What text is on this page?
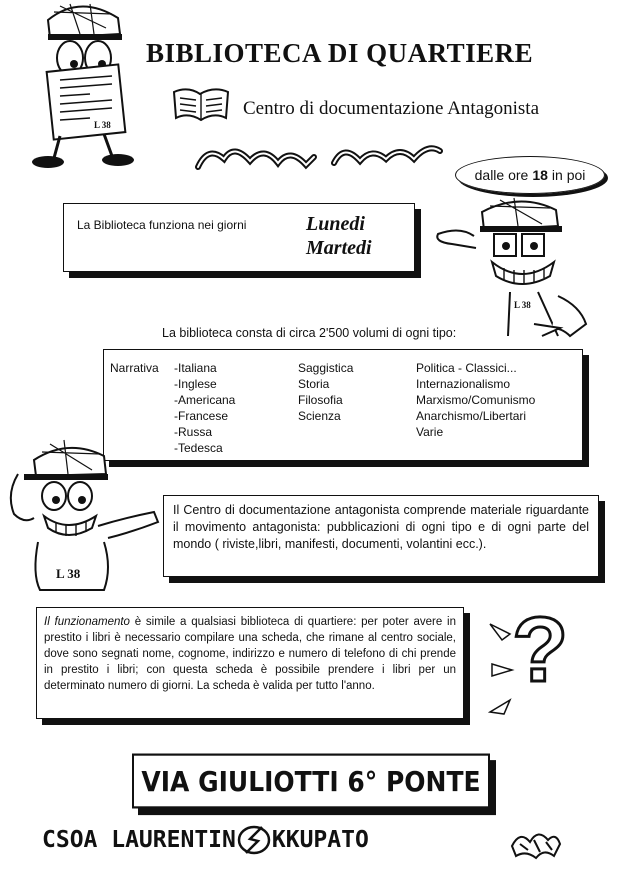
L 38
BIBLIOTECA DI QUARTIERE
Centro di documentazione Antagonista
dalle ore 18 in poi
La Biblioteca funziona nei giorni	Lunedi
Martedi
L 38
La biblioteca consta di circa 2'500 volumi di ogni tipo:
Narrativa -Italiana
-Inglese
-Americana
-Francese
-Russa
-Tedesca
Saggistica
Storia
Filosofia
Scienza
Politica - Classici...
Internazionalismo
Marxismo/Comunismo
Anarchismo/Libertari
Varie
L 38

Il Centro di documentazione antagonista comprende materiale riguardante il movimento antagonista: pubblicazioni di ogni tipo e di ogni parte del mondo ( riviste,libri, manifesti, documenti, volantini ecc.).

Il funzionamento è simile a qualsiasi biblioteca di quartiere: per poter avere in prestito i libri è necessario compilare una scheda, che rimane al centro sociale, dove sono segnati nome, cognome, indirizzo e numero di telefono di chi prende in prestito i libri; con questa scheda è possibile prendere i libri per un determinato numero di giorni. La scheda è valida per tutto l'anno.	?
VIA GIULIOTTI 6° PONTE
CSOA LAURENTIN KKUPATO
